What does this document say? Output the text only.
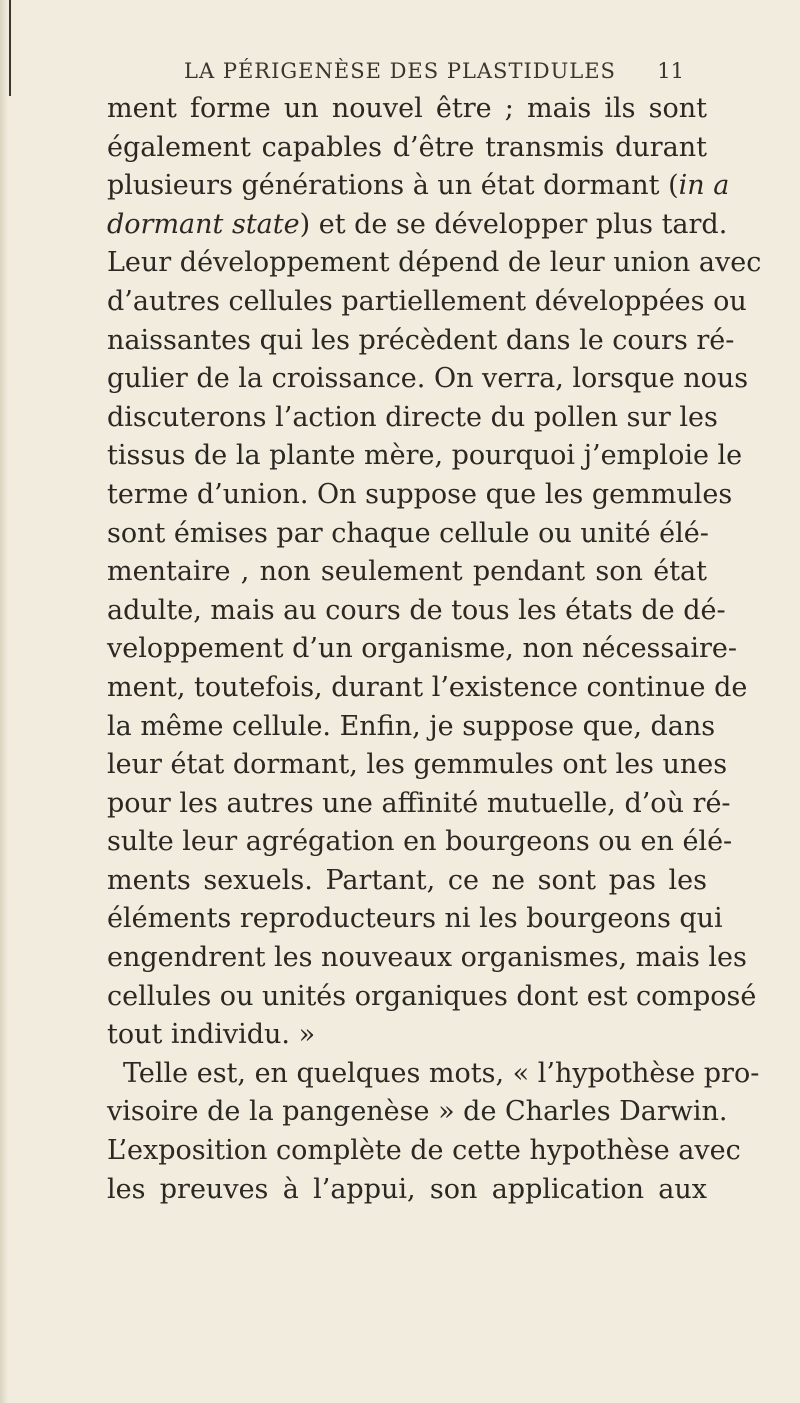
LA PÉRIGENÈSE DES PLASTIDULES	11
ment forme un nouvel être ; mais ils sont
également capables d’être transmis durant
plusieurs générations à un état dormant (in a
dormant state) et de se développer plus tard.
Leur développement dépend de leur union avec
d’autres cellules partiellement développées ou
naissantes qui les précèdent dans le cours ré-
gulier de la croissance. On verra, lorsque nous
discuterons l’action directe du pollen sur les
tissus de la plante mère, pourquoi j’emploie le
terme d’union. On suppose que les gemmules
sont émises par chaque cellule ou unité élé-
mentaire , non seulement pendant son état
adulte, mais au cours de tous les états de dé-
veloppement d’un organisme, non nécessaire-
ment, toutefois, durant l’existence continue de
la même cellule. Enfin, je suppose que, dans
leur état dormant, les gemmules ont les unes
pour les autres une affinité mutuelle, d’où ré-
sulte leur agrégation en bourgeons ou en élé-
ments sexuels. Partant, ce ne sont pas les
éléments reproducteurs ni les bourgeons qui
engendrent les nouveaux organismes, mais les
cellules ou unités organiques dont est composé
tout individu. »
Telle est, en quelques mots, « l’hypothèse pro-
visoire de la pangenèse » de Charles Darwin.
L’exposition complète de cette hypothèse avec
les preuves à l’appui, son application aux
